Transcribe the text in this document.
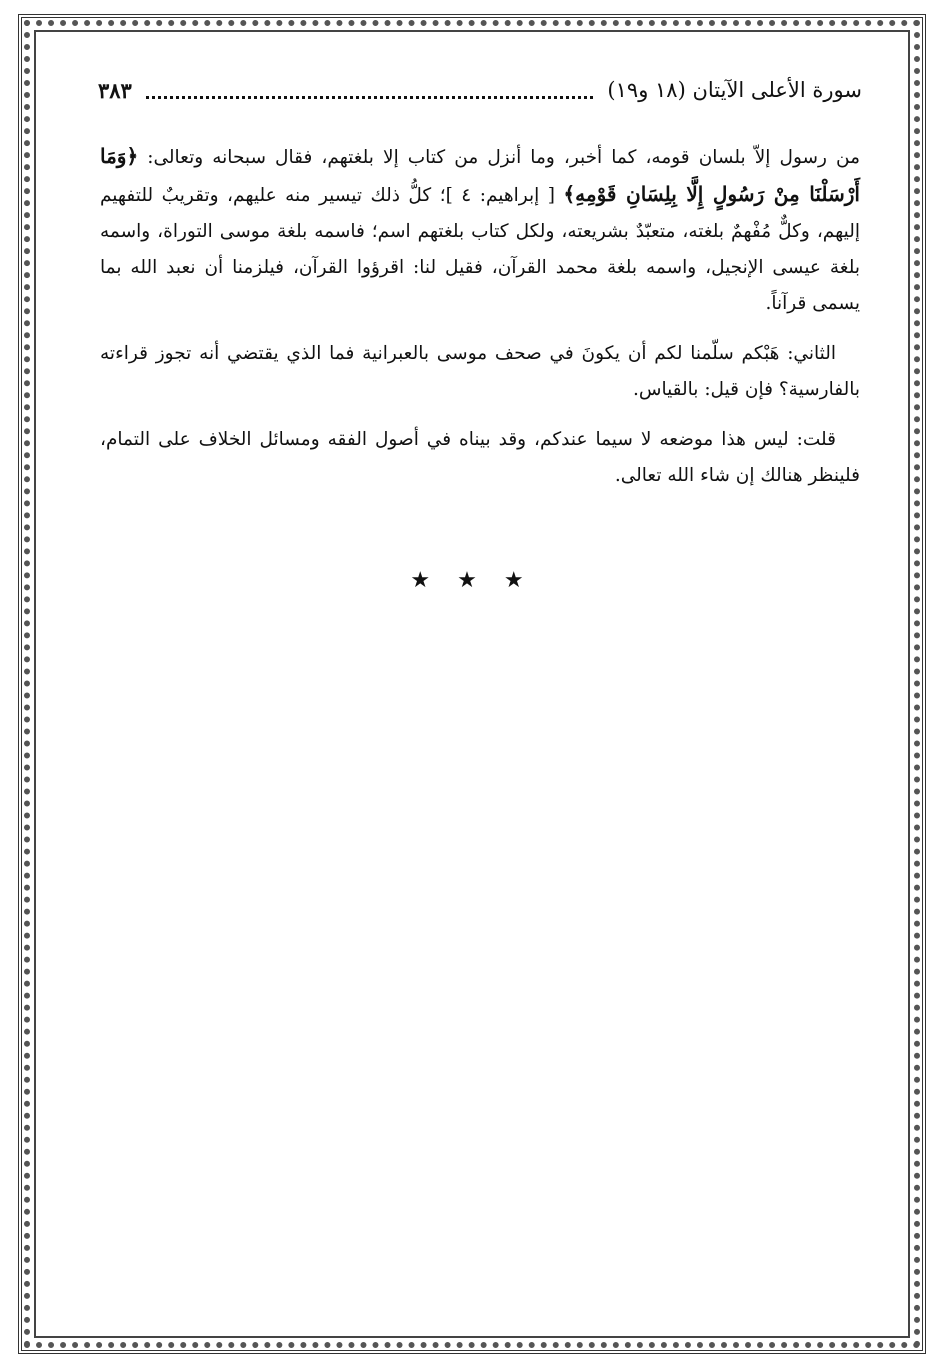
سورة الأعلى الآيتان (١٨ و١٩)
٣٨٣

من رسول إلاّ بلسان قومه، كما أخبر، وما أنزل من كتاب إلا بلغتهم، فقال سبحانه وتعالى: ﴿وَمَا أَرْسَلْنَا مِنْ رَسُولٍ إِلَّا بِلِسَانِ قَوْمِهِ﴾ [ إبراهيم: ٤ ]؛ كلُّ ذلك تيسير منه عليهم، وتقريبٌ للتفهيم إليهم، وكلٌّ مُفْهمٌ بلغته، متعبّدٌ بشريعته، ولكل كتاب بلغتهم اسم؛ فاسمه بلغة موسى التوراة، واسمه بلغة عيسى الإنجيل، واسمه بلغة محمد القرآن، فقيل لنا: اقرؤوا القرآن، فيلزمنا أن نعبد الله بما يسمى قرآناً.

الثاني: هَبْكم سلّمنا لكم أن يكونَ في صحف موسى بالعبرانية فما الذي يقتضي أنه تجوز قراءته بالفارسية؟ فإن قيل: بالقياس.

قلت: ليس هذا موضعه لا سيما عندكم، وقد بيناه في أصول الفقه ومسائل الخلاف على التمام، فلينظر هنالك إن شاء الله تعالى.

★ ★ ★
